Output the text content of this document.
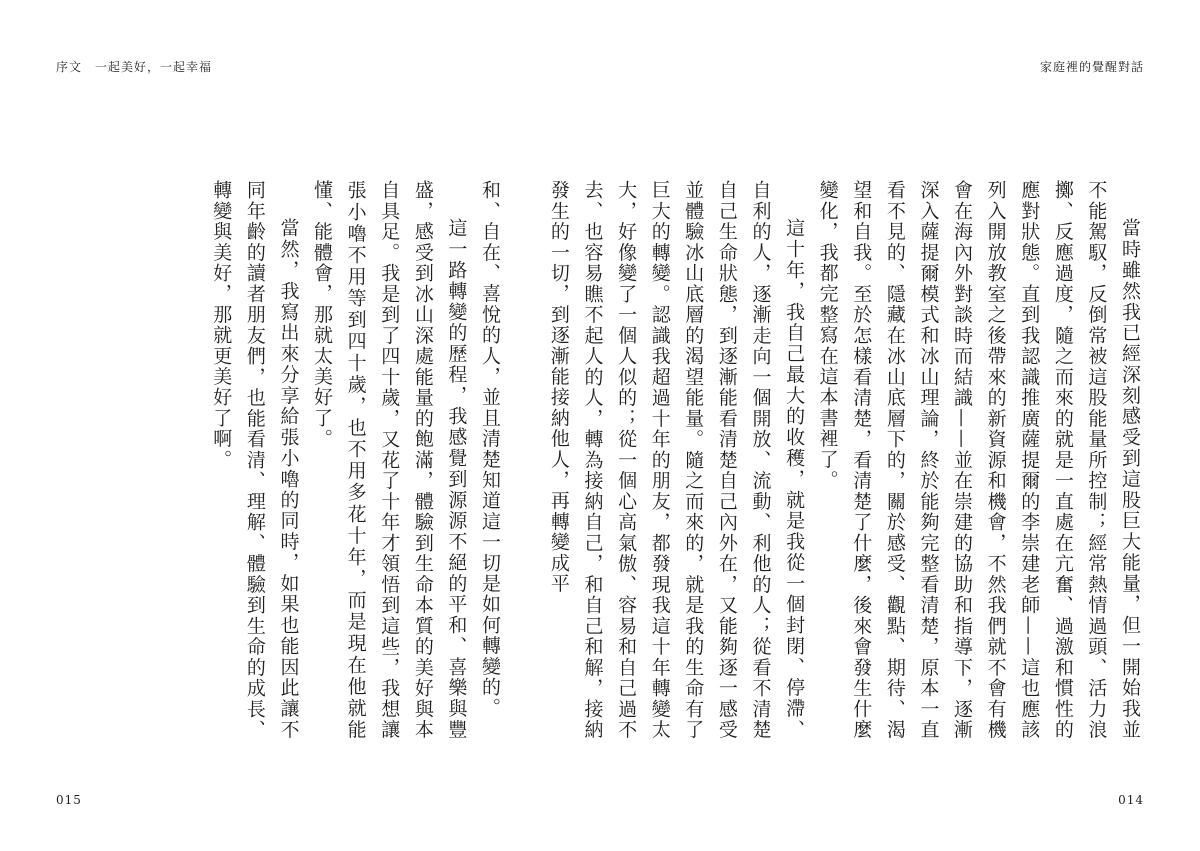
序文　一起美好，一起幸福

和、自在、喜悅的人，並且清楚知道這一切是如何轉變的。

這一路轉變的歷程，我感覺到源源不絕的平和、喜樂與豐盛，感受到冰山深處能量的飽滿，體驗到生命本質的美好與本自具足。我是到了四十歲，又花了十年才領悟到這些，我想讓張小嚕不用等到四十歲，也不用多花十年，而是現在他就能懂、能體會，那就太美好了。

當然，我寫出來分享給張小嚕的同時，如果也能因此讓不同年齡的讀者朋友們，也能看清、理解、體驗到生命的成長、轉變與美好，那就更美好了啊。

015
家庭裡的覺醒對話

當時雖然我已經深刻感受到這股巨大能量，但一開始我並不能駕馭，反倒常被這股能量所控制；經常熱情過頭、活力浪擲、反應過度，隨之而來的就是一直處在亢奮、過激和慣性的應對狀態。直到我認識推廣薩提爾的李崇建老師——這也應該列入開放教室之後帶來的新資源和機會，不然我們就不會有機會在海內外對談時而結識——並在崇建的協助和指導下，逐漸深入薩提爾模式和冰山理論，終於能夠完整看清楚，原本一直看不見的、隱藏在冰山底層下的，關於感受、觀點、期待、渴望和自我。至於怎樣看清楚，看清楚了什麼，後來會發生什麼變化，我都完整寫在這本書裡了。

這十年，我自己最大的收穫，就是我從一個封閉、停滯、自利的人，逐漸走向一個開放、流動、利他的人；從看不清楚自己生命狀態，到逐漸能看清楚自己內外在，又能夠逐一感受並體驗冰山底層的渴望能量。隨之而來的，就是我的生命有了巨大的轉變。認識我超過十年的朋友，都發現我這十年轉變太大，好像變了一個人似的；從一個心高氣傲、容易和自己過不去、也容易瞧不起人的人，轉為接納自己，和自己和解，接納發生的一切，到逐漸能接納他人，再轉變成平

014
